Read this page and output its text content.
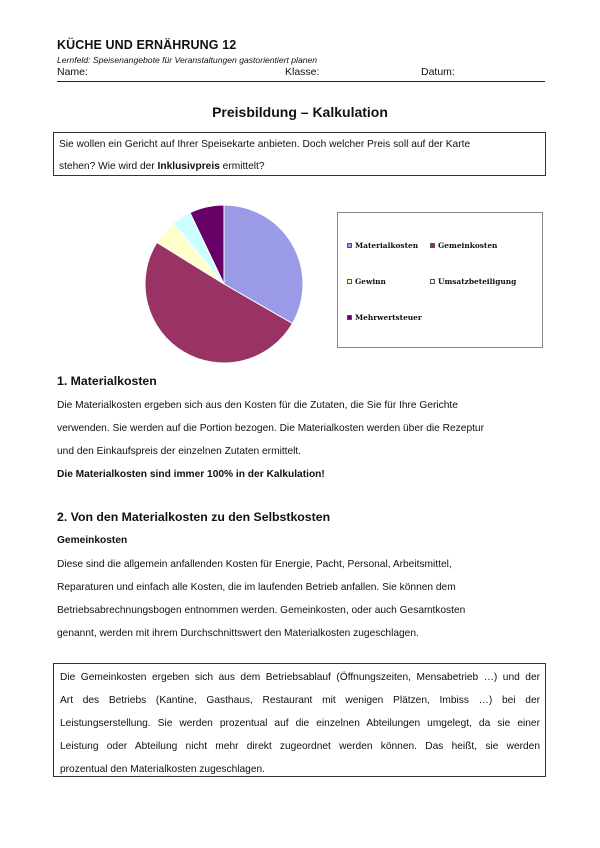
KÜCHE UND ERNÄHRUNG 12
Lernfeld: Speisenangebote für Veranstaltungen gastorientiert planen
Name:	Klasse:	Datum:
Preisbildung – Kalkulation
Sie wollen ein Gericht auf Ihrer Speisekarte anbieten. Doch welcher Preis soll auf der Karte
stehen? Wie wird der Inklusivpreis ermittelt?
Materialkosten	Gemeinkosten
Gewinn	Umsatzbeteiligung
Mehrwertsteuer
1. Materialkosten
Die Materialkosten ergeben sich aus den Kosten für die Zutaten, die Sie für Ihre Gerichte
verwenden. Sie werden auf die Portion bezogen. Die Materialkosten werden über die Rezeptur
und den Einkaufspreis der einzelnen Zutaten ermittelt.
Die Materialkosten sind immer 100% in der Kalkulation!
2. Von den Materialkosten zu den Selbstkosten
Gemeinkosten
Diese sind die allgemein anfallenden Kosten für Energie, Pacht, Personal, Arbeitsmittel,
Reparaturen und einfach alle Kosten, die im laufenden Betrieb anfallen. Sie können dem
Betriebsabrechnungsbogen entnommen werden. Gemeinkosten, oder auch Gesamtkosten
genannt, werden mit ihrem Durchschnittswert den Materialkosten zugeschlagen.
Die Gemeinkosten ergeben sich aus dem Betriebsablauf (Öffnungszeiten, Mensabetrieb …) und der
Art des Betriebs (Kantine, Gasthaus, Restaurant mit wenigen Plätzen, Imbiss …) bei der
Leistungserstellung. Sie werden prozentual auf die einzelnen Abteilungen umgelegt, da sie einer
Leistung oder Abteilung nicht mehr direkt zugeordnet werden können. Das heißt, sie werden
prozentual den Materialkosten zugeschlagen.
